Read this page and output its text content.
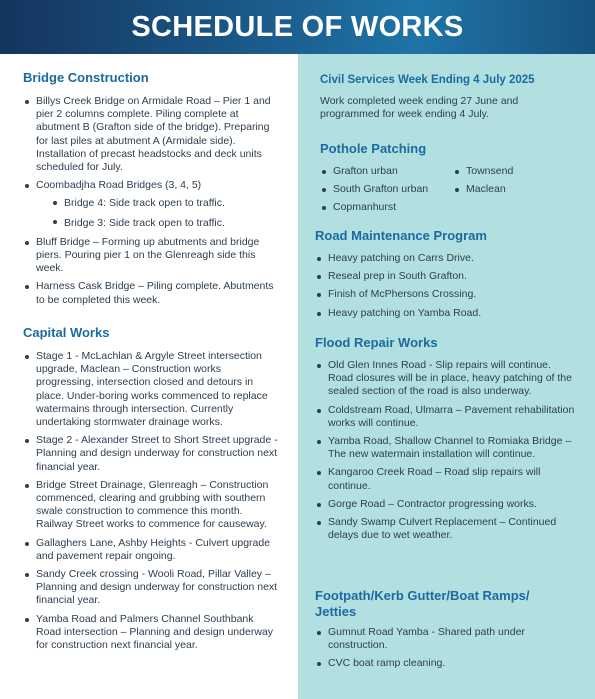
SCHEDULE OF WORKS
Bridge Construction
Billys Creek Bridge on Armidale Road – Pier 1 and pier 2 columns complete. Piling complete at abutment B (Grafton side of the bridge). Preparing for last piles at abutment A (Armidale side). Installation of precast headstocks and deck units scheduled for July.
Coombadjha Road Bridges (3, 4, 5)
Bridge 4: Side track open to traffic.
Bridge 3: Side track open to traffic.
Bluff Bridge – Forming up abutments and bridge piers. Pouring pier 1 on the Glenreagh side this week.
Harness Cask Bridge – Piling complete. Abutments to be completed this week.
Capital Works
Stage 1 - McLachlan & Argyle Street intersection upgrade, Maclean – Construction works progressing, intersection closed and detours in place. Under-boring works commenced to replace watermains through intersection. Currently undertaking stormwater drainage works.
Stage 2 - Alexander Street to Short Street upgrade - Planning and design underway for construction next financial year.
Bridge Street Drainage, Glenreagh – Construction commenced, clearing and grubbing with southern swale construction to commence this month. Railway Street works to commence for causeway.
Gallaghers Lane, Ashby Heights - Culvert upgrade and pavement repair ongoing.
Sandy Creek crossing - Wooli Road, Pillar Valley – Planning and design underway for construction next financial year.
Yamba Road and Palmers Channel Southbank Road intersection – Planning and design underway for construction next financial year.
Civil Services Week Ending 4 July 2025
Work completed week ending 27 June and programmed for week ending 4 July.
Pothole Patching
Grafton urban
South Grafton urban
Copmanhurst
Townsend
Maclean
Road Maintenance Program
Heavy patching on Carrs Drive.
Reseal prep in South Grafton.
Finish of McPhersons Crossing.
Heavy patching on Yamba Road.
Flood Repair Works
Old Glen Innes Road - Slip repairs will continue. Road closures will be in place, heavy patching of the sealed section of the road is also underway.
Coldstream Road, Ulmarra – Pavement rehabilitation works will continue.
Yamba Road, Shallow Channel to Romiaka Bridge – The new watermain installation will continue.
Kangaroo Creek Road – Road slip repairs will continue.
Gorge Road – Contractor progressing works.
Sandy Swamp Culvert Replacement – Continued delays due to wet weather.
Footpath/Kerb Gutter/Boat Ramps/ Jetties
Gumnut Road Yamba - Shared path under construction.
CVC boat ramp cleaning.
